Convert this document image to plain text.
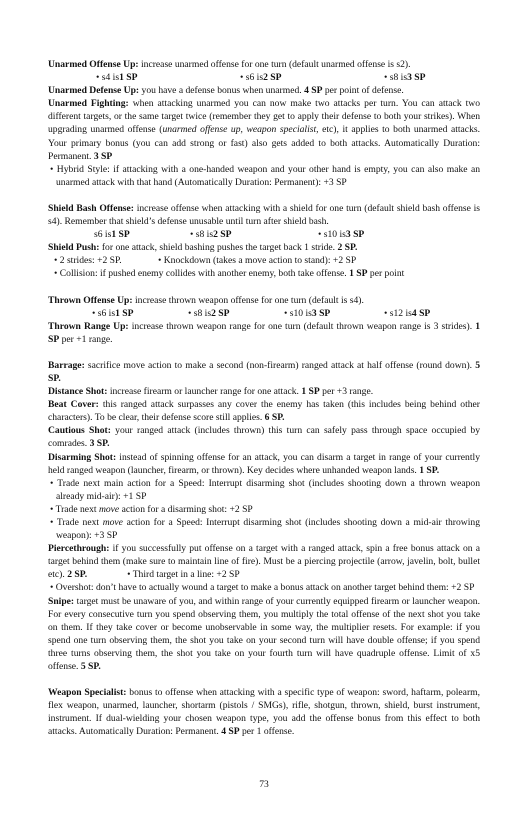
Unarmed Offense Up: increase unarmed offense for one turn (default unarmed offense is s2).

• s4 is1 SP	• s6 is2 SP	• s8 is3 SP

Unarmed Defense Up: you have a defense bonus when unarmed. 4 SP per point of defense.

Unarmed Fighting: when attacking unarmed you can now make two attacks per turn. You can attack two different targets, or the same target twice (remember they get to apply their defense to both your strikes). When upgrading unarmed offense (unarmed offense up, weapon specialist, etc), it applies to both unarmed attacks. Your primary bonus (you can add strong or fast) also gets added to both attacks. Automatically Duration: Permanent. 3 SP

• Hybrid Style: if attacking with a one-handed weapon and your other hand is empty, you can also make an unarmed attack with that hand (Automatically Duration: Permanent): +3 SP

Shield Bash Offense: increase offense when attacking with a shield for one turn (default shield bash offense is s4). Remember that shield’s defense unusable until turn after shield bash.

s6 is1 SP	• s8 is2 SP	• s10 is3 SP

Shield Push: for one attack, shield bashing pushes the target back 1 stride. 2 SP.

• 2 strides: +2 SP.	• Knockdown (takes a move action to stand): +2 SP

• Collision: if pushed enemy collides with another enemy, both take offense. 1 SP per point

Thrown Offense Up: increase thrown weapon offense for one turn (default is s4).

• s6 is1 SP	• s8 is2 SP	• s10 is3 SP	• s12 is4 SP

Thrown Range Up: increase thrown weapon range for one turn (default thrown weapon range is 3 strides). 1 SP per +1 range.

Barrage: sacrifice move action to make a second (non-firearm) ranged attack at half offense (round down). 5 SP.

Distance Shot: increase firearm or launcher range for one attack. 1 SP per +3 range.

Beat Cover: this ranged attack surpasses any cover the enemy has taken (this includes being behind other characters). To be clear, their defense score still applies. 6 SP.

Cautious Shot: your ranged attack (includes thrown) this turn can safely pass through space occupied by comrades. 3 SP.

Disarming Shot: instead of spinning offense for an attack, you can disarm a target in range of your currently held ranged weapon (launcher, firearm, or thrown). Key decides where unhanded weapon lands. 1 SP.

• Trade next main action for a Speed: Interrupt disarming shot (includes shooting down a thrown weapon already mid-air): +1 SP

• Trade next move action for a disarming shot: +2 SP

• Trade next move action for a Speed: Interrupt disarming shot (includes shooting down a mid-air throwing weapon): +3 SP

Piercethrough: if you successfully put offense on a target with a ranged attack, spin a free bonus attack on a target behind them (make sure to maintain line of fire). Must be a piercing projectile (arrow, javelin, bolt, bullet etc). 2 SP.	• Third target in a line: +2 SP

• Overshot: don’t have to actually wound a target to make a bonus attack on another target behind them: +2 SP

Snipe: target must be unaware of you, and within range of your currently equipped firearm or launcher weapon. For every consecutive turn you spend observing them, you multiply the total offense of the next shot you take on them. If they take cover or become unobservable in some way, the multiplier resets. For example: if you spend one turn observing them, the shot you take on your second turn will have double offense; if you spend three turns observing them, the shot you take on your fourth turn will have quadruple offense. Limit of x5 offense. 5 SP.

Weapon Specialist: bonus to offense when attacking with a specific type of weapon: sword, haftarm, polearm, flex weapon, unarmed, launcher, shortarm (pistols / SMGs), rifle, shotgun, thrown, shield, burst instrument, instrument. If dual-wielding your chosen weapon type, you add the offense bonus from this effect to both attacks. Automatically Duration: Permanent. 4 SP per 1 offense.

73
